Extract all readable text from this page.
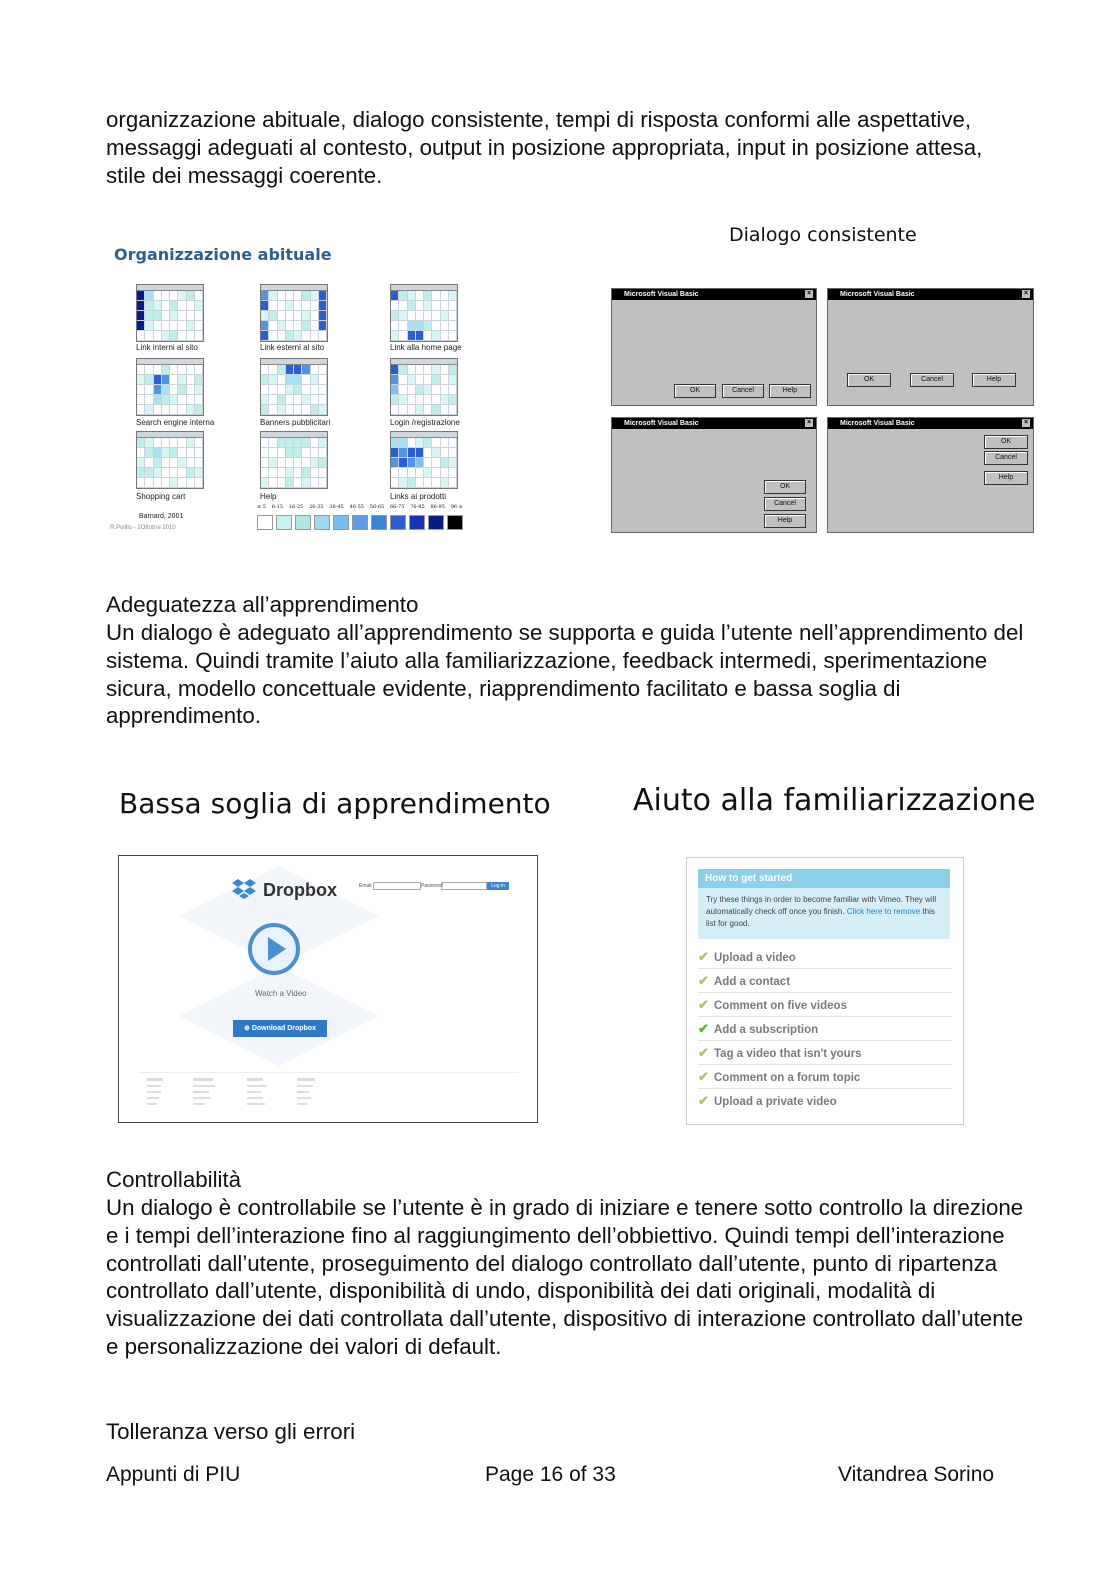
organizzazione abituale, dialogo consistente, tempi di risposta conformi alle aspettative, messaggi adeguati al contesto, output in posizione appropriata, input in posizione attesa, stile dei messaggi coerente.

Organizzazione abituale
Link interni al sito	Link esterni al sito	Link alla home page
Search engine interna	Banners pubblicitari	Login /registrazione
Shopping cart	Help	Links ai prodotti
Barnard, 2001
R.Polillo - 2Ottobre 2010
≤ 5 6-15 16-25 26-35 36-45 46-55 56-65 66-75 76-85 86-95 96 ≥
Dialogo consistente
Microsoft Visual Basic	×
OK	Cancel	Help
Microsoft Visual Basic	×
OK	Cancel	Help
Microsoft Visual Basic	×
OK
Cancel
Help
Microsoft Visual Basic	×
OK
Cancel
Help

Adeguatezza all’apprendimento

Un dialogo è adeguato all’apprendimento se supporta e guida l’utente nell’apprendimento del sistema. Quindi tramite l’aiuto alla familiarizzazione, feedback intermedi, sperimentazione sicura, modello concettuale evidente, riapprendimento facilitato e bassa soglia di apprendimento.

Bassa soglia di apprendimento
Dropbox	Email	Password	Log in
Watch a Video
⊕ Download Dropbox
Aiuto alla familiarizzazione
How to get started
Try these things in order to become familiar with Vimeo. They will automatically check off once you finish. Click here to remove this list for good.
✔ Upload a video
✔ Add a contact
✔ Comment on five videos
✔ Add a subscription
✔ Tag a video that isn't yours
✔ Comment on a forum topic
✔ Upload a private video

Controllabilità

Un dialogo è controllabile se l’utente è in grado di iniziare e tenere sotto controllo la direzione e i tempi dell’interazione fino al raggiungimento dell’obbiettivo. Quindi tempi dell’interazione controllati dall’utente, proseguimento del dialogo controllato dall’utente, punto di ripartenza controllato dall’utente, disponibilità di undo, disponibilità dei dati originali, modalità di visualizzazione dei dati controllata dall’utente, dispositivo di interazione controllato dall’utente e personalizzazione dei valori di default.

Tolleranza verso gli errori

Appunti di PIU	Page 16 of 33	Vitandrea Sorino
